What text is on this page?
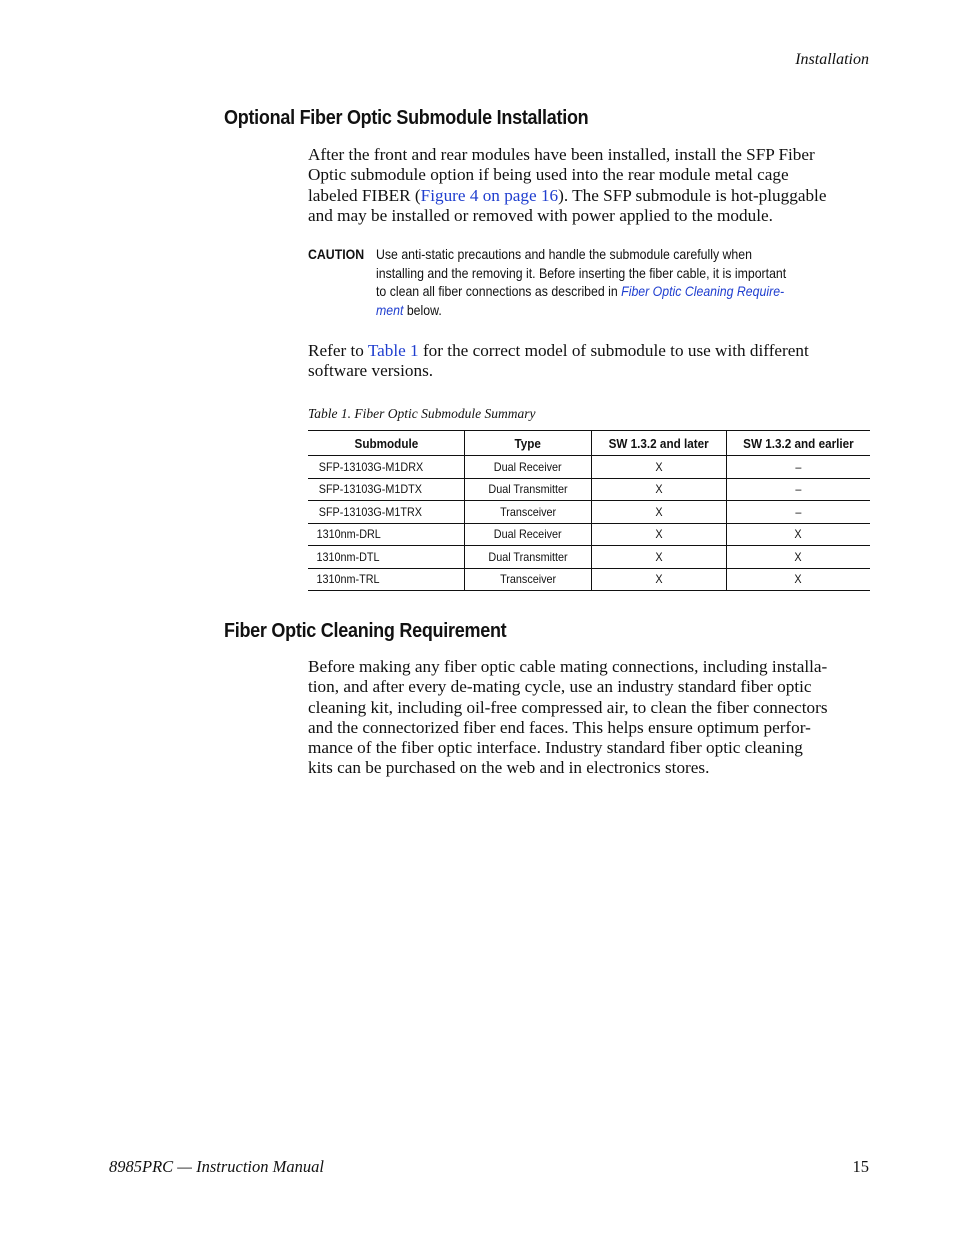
Installation
Optional Fiber Optic Submodule Installation
After the front and rear modules have been installed, install the SFP Fiber
Optic submodule option if being used into the rear module metal cage
labeled FIBER (Figure 4 on page 16). The SFP submodule is hot-pluggable
and may be installed or removed with power applied to the module.
CAUTION Use anti-static precautions and handle the submodule carefully when
installing and the removing it. Before inserting the fiber cable, it is important
to clean all fiber connections as described in Fiber Optic Cleaning Require-
ment below.
Refer to Table 1 for the correct model of submodule to use with different
software versions.
Table 1. Fiber Optic Submodule Summary
Submodule	Type	SW 1.3.2 and later	SW 1.3.2 and earlier
SFP-13103G-M1DRX	Dual Receiver	X	–
SFP-13103G-M1DTX	Dual Transmitter	X	–
SFP-13103G-M1TRX	Transceiver	X	–
1310nm-DRL	Dual Receiver	X	X
1310nm-DTL	Dual Transmitter	X	X
1310nm-TRL	Transceiver	X	X
Fiber Optic Cleaning Requirement
Before making any fiber optic cable mating connections, including installa-
tion, and after every de-mating cycle, use an industry standard fiber optic
cleaning kit, including oil-free compressed air, to clean the fiber connectors
and the connectorized fiber end faces. This helps ensure optimum perfor-
mance of the fiber optic interface. Industry standard fiber optic cleaning
kits can be purchased on the web and in electronics stores.
8985PRC — Instruction Manual	15
